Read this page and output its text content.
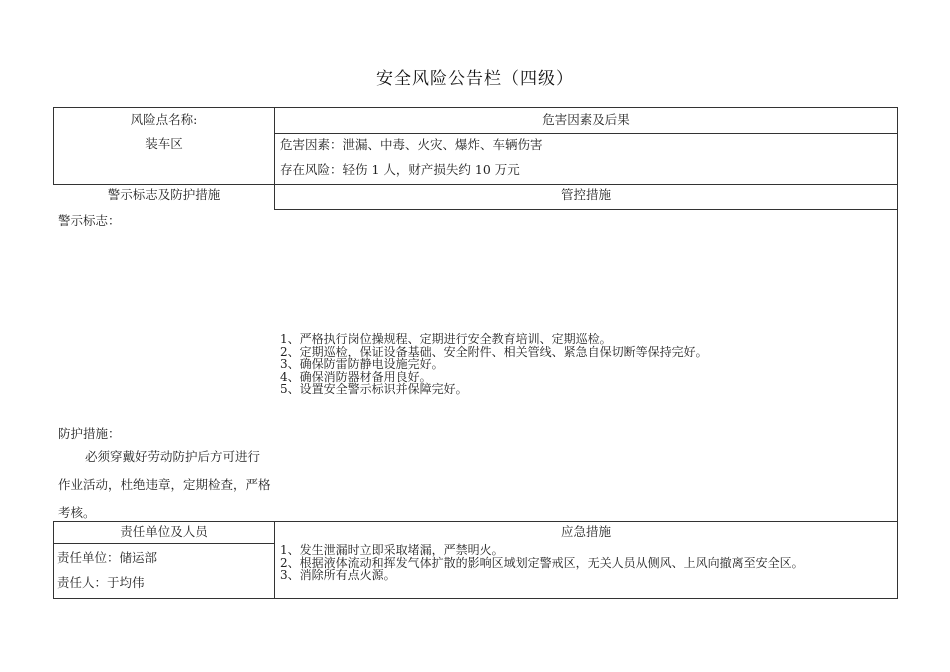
安全风险公告栏（四级）
风险点名称:
装车区
危害因素及后果
危害因素：泄漏、中毒、火灾、爆炸、车辆伤害
存在风险：轻伤 1 人，财产损失约 10 万元
警示标志及防护措施	管控措施
警示标志：
1、严格执行岗位操规程、定期进行安全教育培训、定期巡检。
2、定期巡检，保证设备基础、安全附件、相关管线、紧急自保切断等保持完好。
3、确保防雷防静电设施完好。
4、确保消防器材备用良好。
5、设置安全警示标识并保障完好。
防护措施：
必须穿戴好劳动防护后方可进行作业活动，杜绝违章，定期检查，严格考核。
责任单位及人员	应急措施
责任单位：储运部
责任人：于均伟
1、发生泄漏时立即采取堵漏，严禁明火。
2、根据液体流动和挥发气体扩散的影响区域划定警戒区，无关人员从侧风、上风向撤离至安全区。
3、消除所有点火源。
